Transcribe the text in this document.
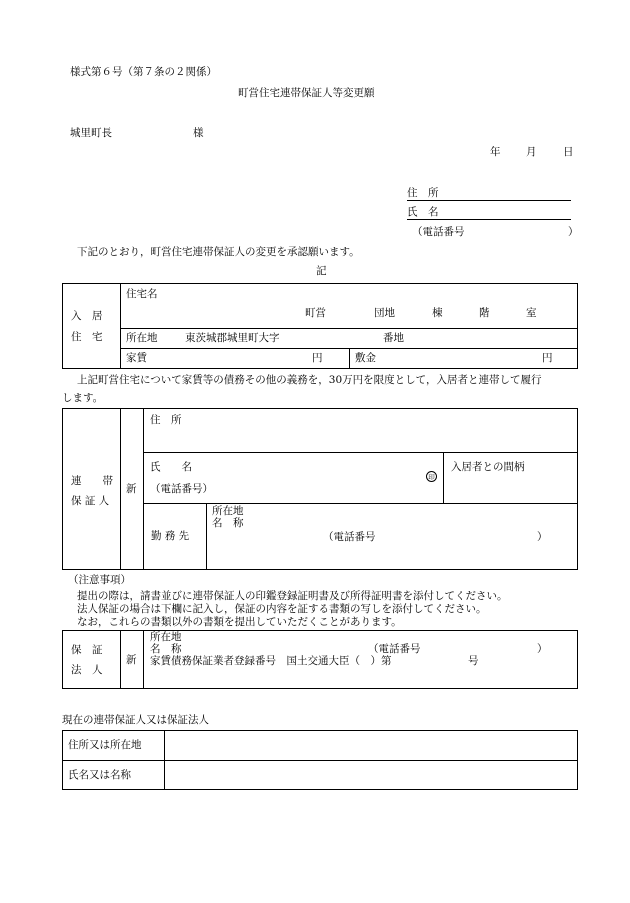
様式第６号（第７条の２関係）
町営住宅連帯保証人等変更願
城里町長	様
年 月	日
住　所
氏　名
（電話番号	）
下記のとおり，町営住宅連帯保証人の変更を承認願います。
記
入　居
住　宅
住宅名
町営	団地	棟	階	室
所在地	東茨城郡城里町大字	番地
家賃	円	敷金	円
上記町営住宅について家賃等の債務その他の義務を，30万円を限度として，入居者と連帯して履行
します。
連　　帯
保 証 人
新
住　所
氏　　名
（電話番号）
印
入居者との間柄
勤 務 先
所在地
名　称
（電話番号	）
（注意事項）
提出の際は，請書並びに連帯保証人の印鑑登録証明書及び所得証明書を添付してください。
法人保証の場合は下欄に記入し，保証の内容を証する書類の写しを添付してください。
なお，これらの書類以外の書類を提出していただくことがあります。
保　証
法　人
新
所在地
名　称	（電話番号	）
家賃債務保証業者登録番号　国土交通大臣（　）第	号
現在の連帯保証人又は保証法人
住所又は所在地
氏名又は名称
